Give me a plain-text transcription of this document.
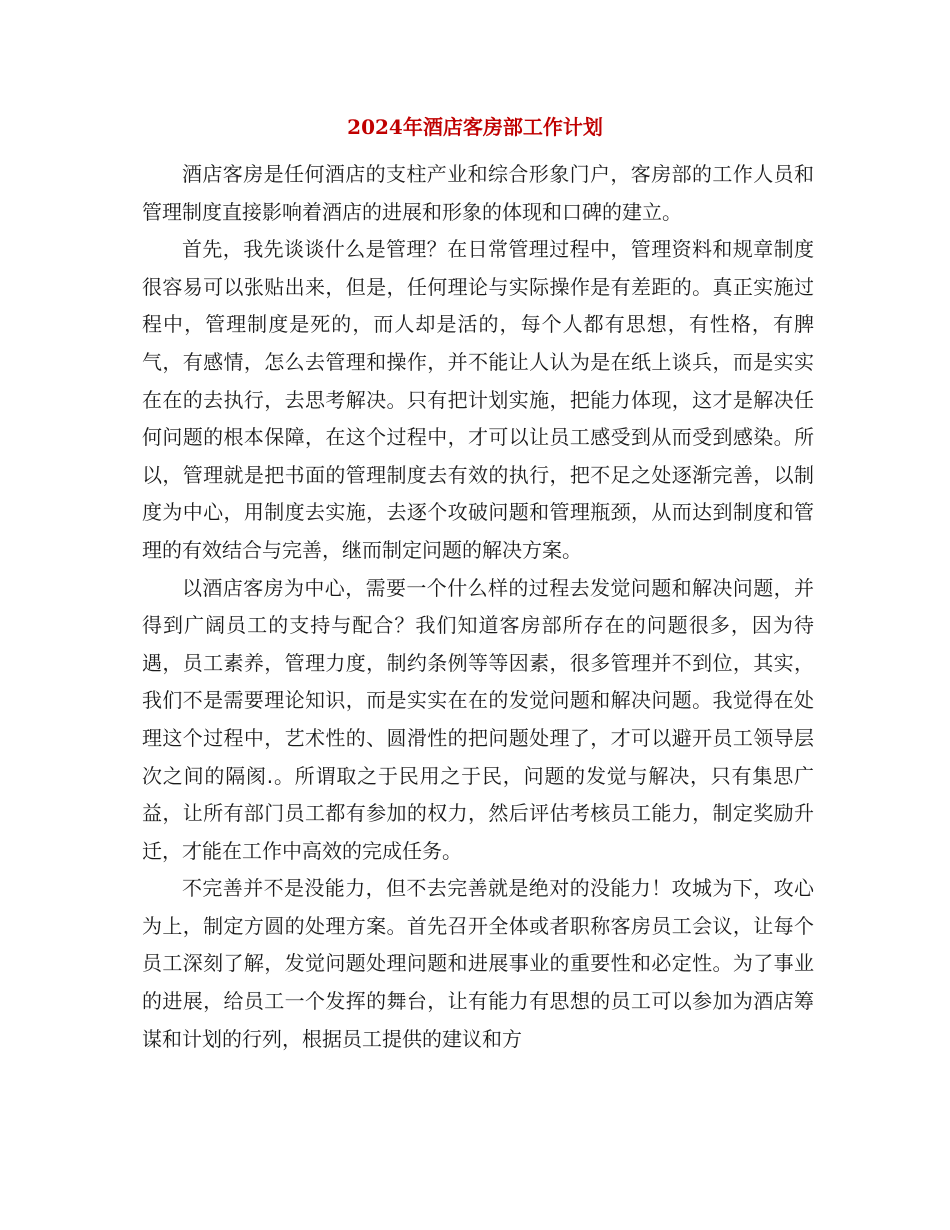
2024年酒店客房部工作计划

酒店客房是任何酒店的支柱产业和综合形象门户，客房部的工作人员和管理制度直接影响着酒店的进展和形象的体现和口碑的建立。

首先，我先谈谈什么是管理？在日常管理过程中，管理资料和规章制度很容易可以张贴出来，但是，任何理论与实际操作是有差距的。真正实施过程中，管理制度是死的，而人却是活的，每个人都有思想，有性格，有脾气，有感情，怎么去管理和操作，并不能让人认为是在纸上谈兵，而是实实在在的去执行，去思考解决。只有把计划实施，把能力体现，这才是解决任何问题的根本保障，在这个过程中，才可以让员工感受到从而受到感染。所以，管理就是把书面的管理制度去有效的执行，把不足之处逐渐完善，以制度为中心，用制度去实施，去逐个攻破问题和管理瓶颈，从而达到制度和管理的有效结合与完善，继而制定问题的解决方案。

以酒店客房为中心，需要一个什么样的过程去发觉问题和解决问题，并得到广阔员工的支持与配合？我们知道客房部所存在的问题很多，因为待遇，员工素养，管理力度，制约条例等等因素，很多管理并不到位，其实，我们不是需要理论知识，而是实实在在的发觉问题和解决问题。我觉得在处理这个过程中，艺术性的、圆滑性的把问题处理了，才可以避开员工领导层次之间的隔阂.。所谓取之于民用之于民，问题的发觉与解决，只有集思广益，让所有部门员工都有参加的权力，然后评估考核员工能力，制定奖励升迁，才能在工作中高效的完成任务。

不完善并不是没能力，但不去完善就是绝对的没能力！攻城为下，攻心为上，制定方圆的处理方案。首先召开全体或者职称客房员工会议，让每个员工深刻了解，发觉问题处理问题和进展事业的重要性和必定性。为了事业的进展，给员工一个发挥的舞台，让有能力有思想的员工可以参加为酒店筹谋和计划的行列，根据员工提供的建议和方
